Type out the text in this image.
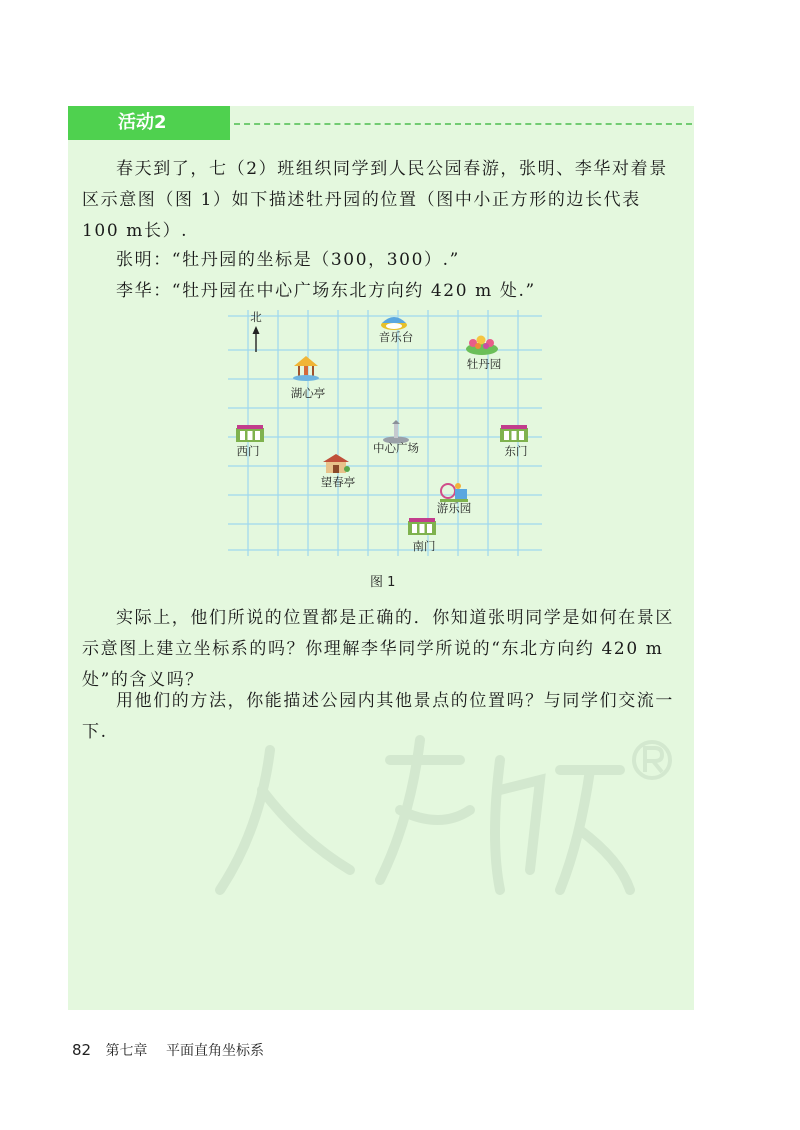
活动2

春天到了，七（2）班组织同学到人民公园春游，张明、李华对着景区示意图（图 1）如下描述牡丹园的位置（图中小正方形的边长代表 100 m长）.

张明：“牡丹园的坐标是（300，300）.”

李华：“牡丹园在中心广场东北方向约 420 m 处.”

北
音乐台
牡丹园
湖心亭
西门	中心广场	东门
望春亭
游乐园
南门
图 1

实际上，他们所说的位置都是正确的．你知道张明同学是如何在景区示意图上建立坐标系的吗？你理解李华同学所说的“东北方向约 420 m 处”的含义吗？

用他们的方法，你能描述公园内其他景点的位置吗？与同学们交流一下.

82 第七章 平面直角坐标系
